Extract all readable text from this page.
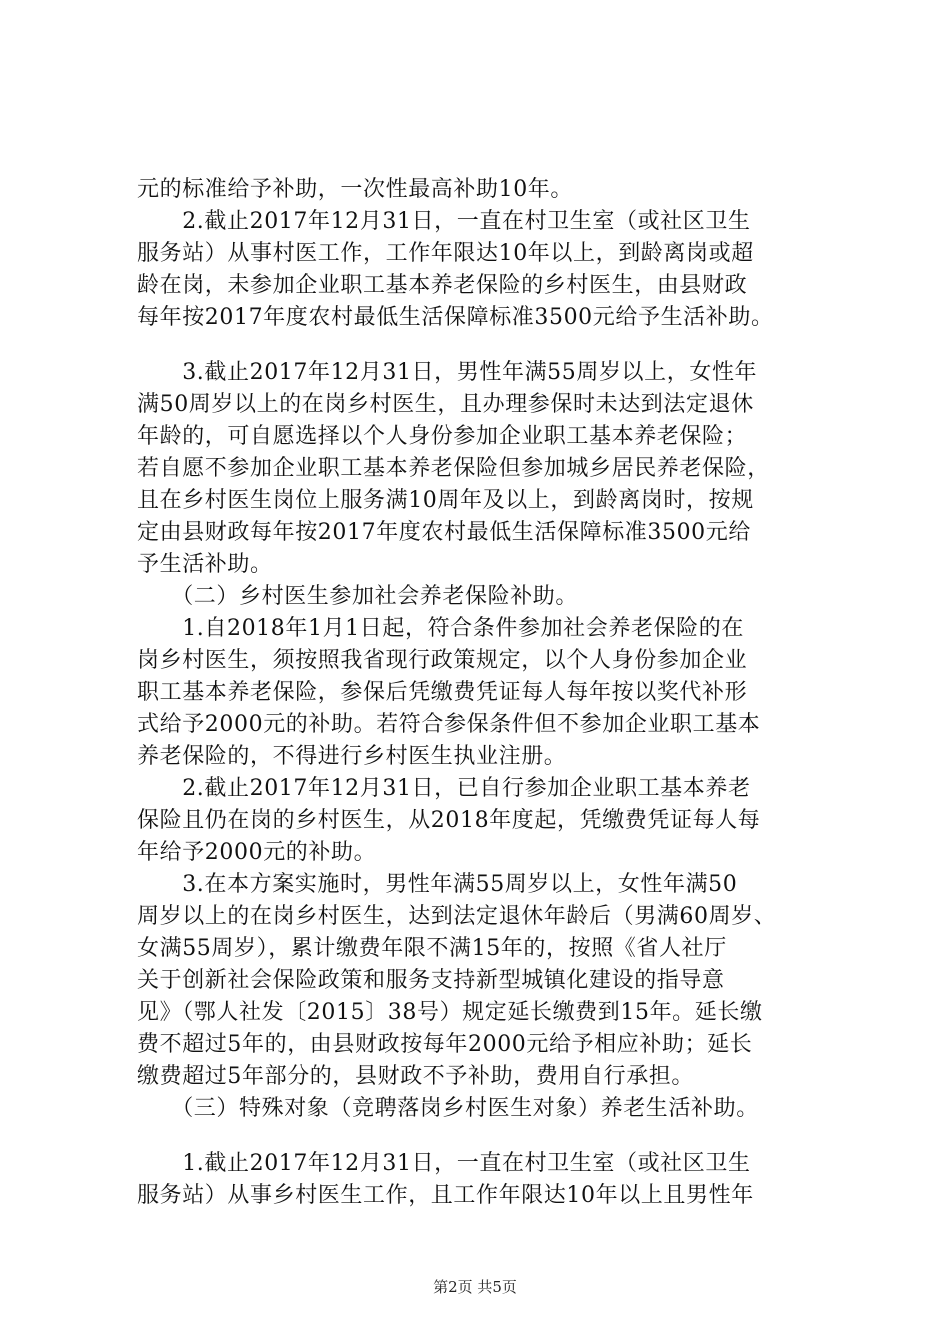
元的标准给予补助，一次性最高补助10年。
　　2.截止2017年12月31日，一直在村卫生室（或社区卫生
服务站）从事村医工作，工作年限达10年以上，到龄离岗或超
龄在岗，未参加企业职工基本养老保险的乡村医生，由县财政
每年按2017年度农村最低生活保障标准3500元给予生活补助。
　　3.截止2017年12月31日，男性年满55周岁以上，女性年
满50周岁以上的在岗乡村医生，且办理参保时未达到法定退休
年龄的，可自愿选择以个人身份参加企业职工基本养老保险；
若自愿不参加企业职工基本养老保险但参加城乡居民养老保险，
且在乡村医生岗位上服务满10周年及以上，到龄离岗时，按规
定由县财政每年按2017年度农村最低生活保障标准3500元给
予生活补助。
　　（二）乡村医生参加社会养老保险补助。
　　1.自2018年1月1日起，符合条件参加社会养老保险的在
岗乡村医生，须按照我省现行政策规定，以个人身份参加企业
职工基本养老保险，参保后凭缴费凭证每人每年按以奖代补形
式给予2000元的补助。若符合参保条件但不参加企业职工基本
养老保险的，不得进行乡村医生执业注册。
　　2.截止2017年12月31日，已自行参加企业职工基本养老
保险且仍在岗的乡村医生，从2018年度起，凭缴费凭证每人每
年给予2000元的补助。
　　3.在本方案实施时，男性年满55周岁以上，女性年满50
周岁以上的在岗乡村医生，达到法定退休年龄后（男满60周岁、
女满55周岁），累计缴费年限不满15年的，按照《省人社厅
关于创新社会保险政策和服务支持新型城镇化建设的指导意
见》（鄂人社发〔2015〕38号）规定延长缴费到15年。延长缴
费不超过5年的，由县财政按每年2000元给予相应补助；延长
缴费超过5年部分的，县财政不予补助，费用自行承担。
　　（三）特殊对象（竞聘落岗乡村医生对象）养老生活补助。
　　1.截止2017年12月31日，一直在村卫生室（或社区卫生
服务站）从事乡村医生工作，且工作年限达10年以上且男性年
第2页 共5页
